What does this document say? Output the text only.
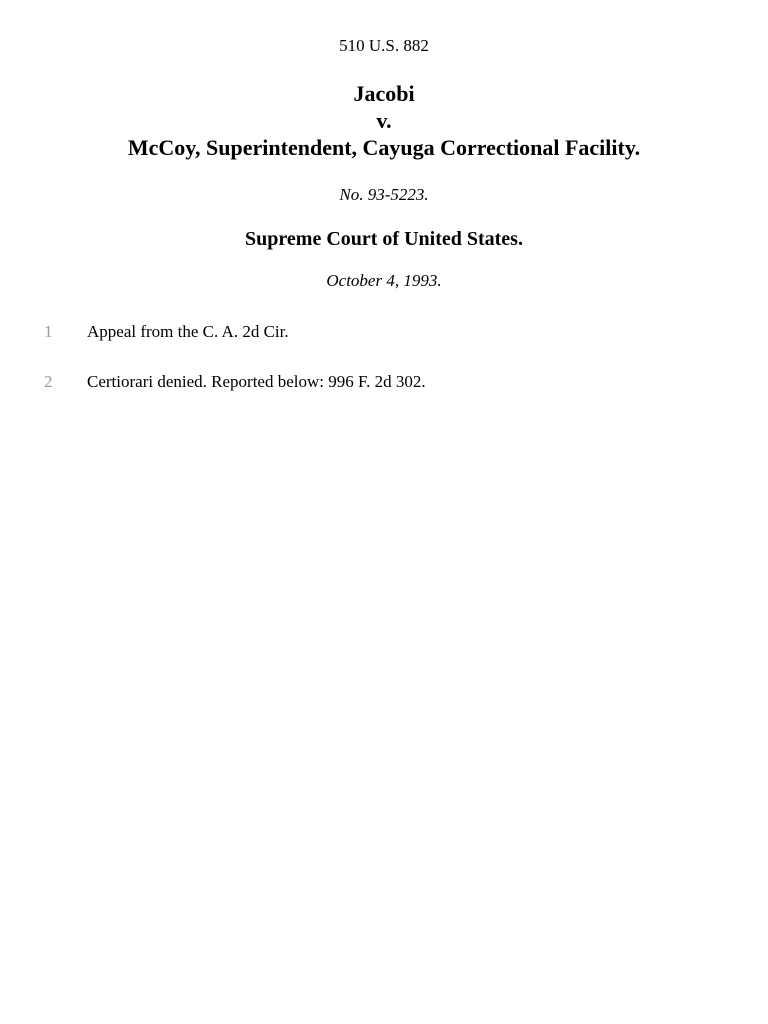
510 U.S. 882
Jacobi
v.
McCoy, Superintendent, Cayuga Correctional Facility.
No. 93-5223.
Supreme Court of United States.
October 4, 1993.
1	Appeal from the C. A. 2d Cir.
2	Certiorari denied. Reported below: 996 F. 2d 302.
